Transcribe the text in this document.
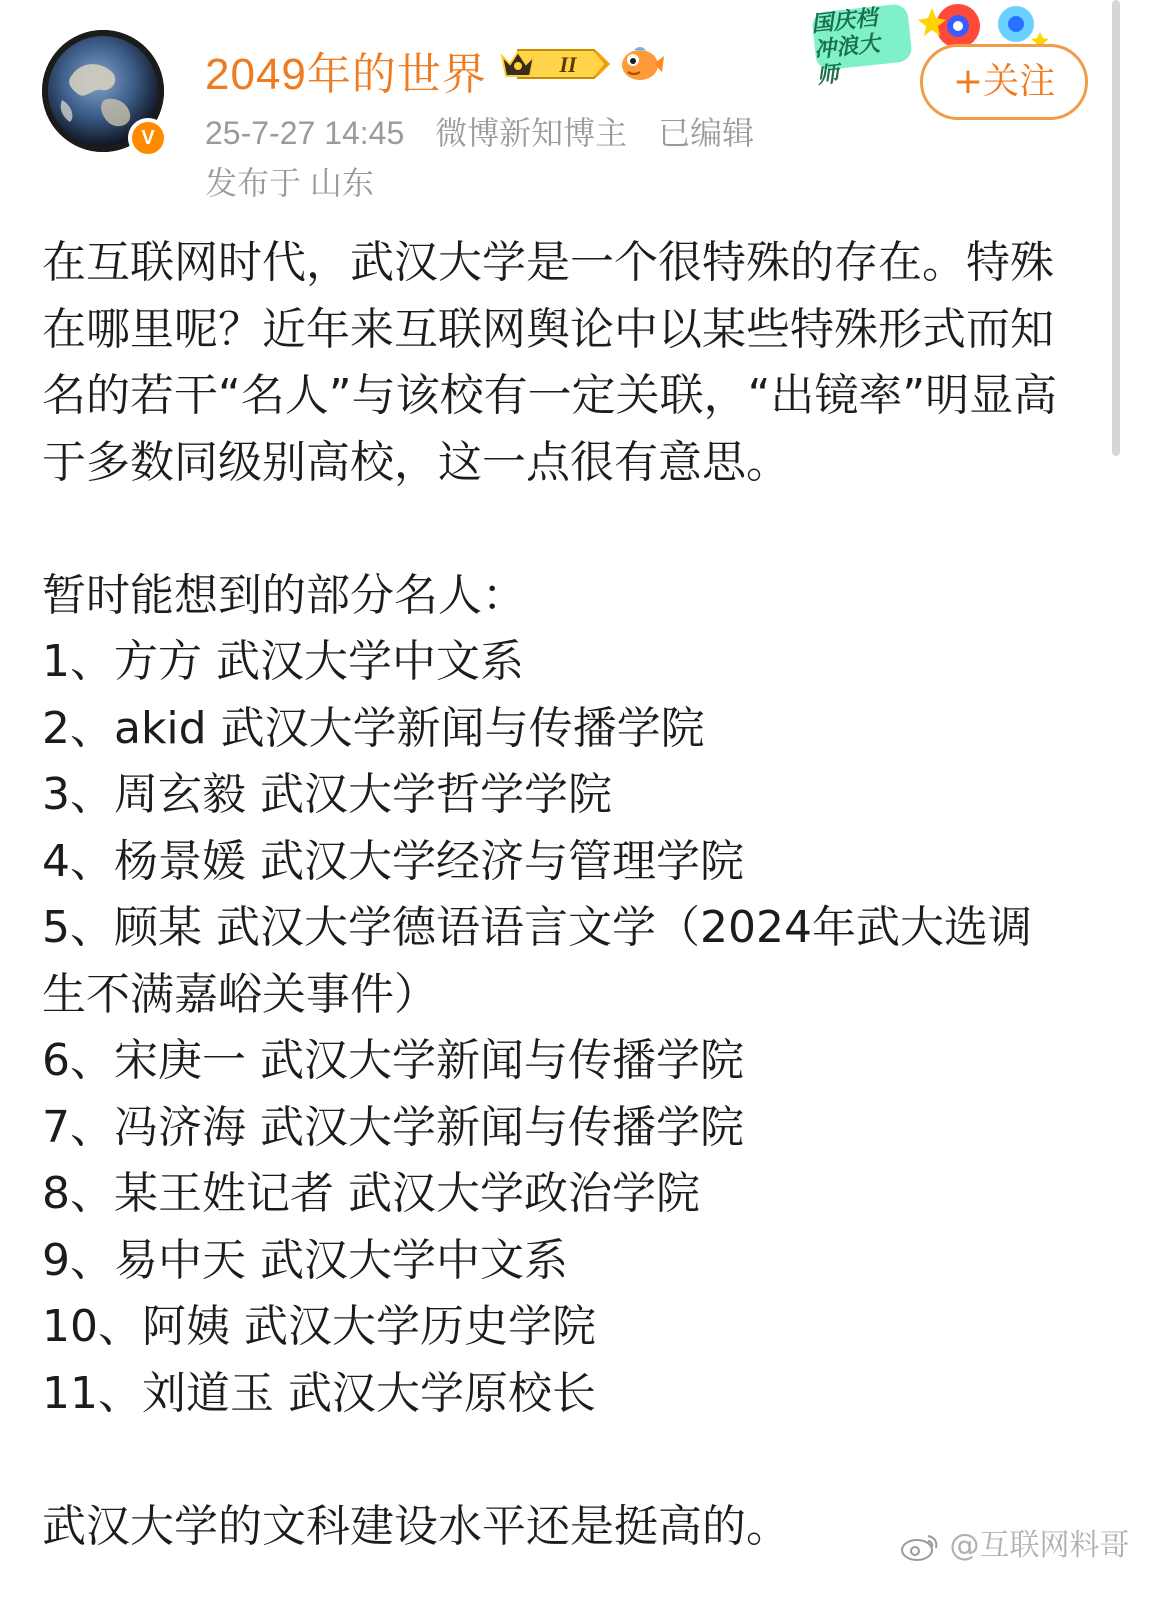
V
2049年的世界	II
25-7-27 14:45 微博新知博主 已编辑
发布于 山东
国庆档
冲浪大师	+关注

在互联网时代，武汉大学是一个很特殊的存在。特殊在哪里呢？近年来互联网舆论中以某些特殊形式而知名的若干“名人”与该校有一定关联，“出镜率”明显高于多数同级别高校，这一点很有意思。

暂时能想到的部分名人：

1、方方 武汉大学中文系

2、akid 武汉大学新闻与传播学院

3、周玄毅 武汉大学哲学学院

4、杨景媛 武汉大学经济与管理学院

5、顾某 武汉大学德语语言文学（2024年武大选调生不满嘉峪关事件）

6、宋庚一 武汉大学新闻与传播学院

7、冯济海 武汉大学新闻与传播学院

8、某王姓记者 武汉大学政治学院

9、易中天 武汉大学中文系

10、阿姨 武汉大学历史学院

11、刘道玉 武汉大学原校长

武汉大学的文科建设水平还是挺高的。	@互联网料哥
